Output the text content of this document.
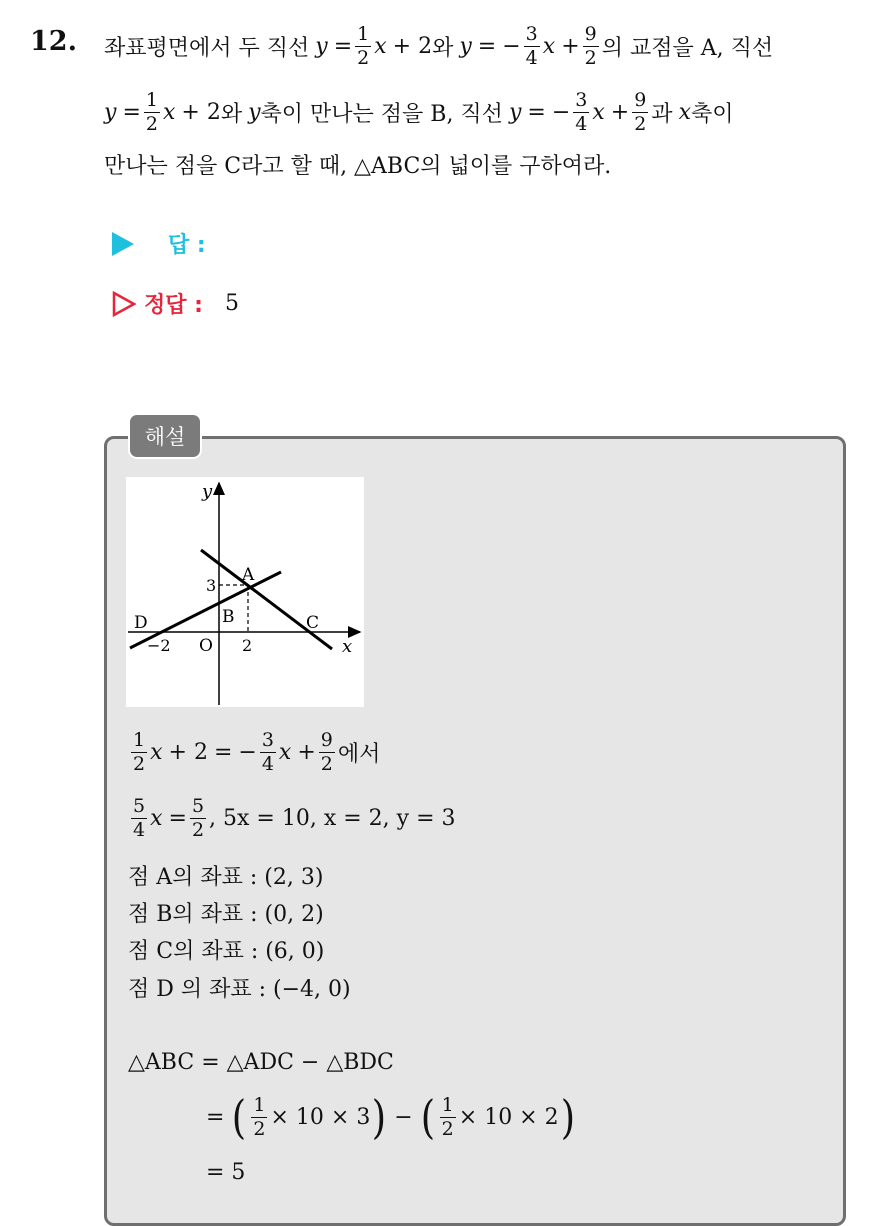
12. 좌표평면에서 두 직선 $y = \frac{1}{2}$ x + 2 와 y = − $\frac{3}{4}$ $x + \frac{9}{2}$ 의 교점을 A, 직선
$y = \frac{1}{2}$ x + 2 와 y 축이 만나는 점을 B, 직선 y = − $\frac{3}{4}$ $x + \frac{9}{2}$ 과 x 축이
만나는 점을 C라고 할 때, △ABC의 넓이를 구하여라.
답 :
정답 : 5
해설
y
x
A
B	C
D
O
3
2
−2
$\frac{1}{2}$ x + 2 = − $\frac{3}{4}$ $x + \frac{9}{2}$ 에서
$\frac{5}{4}$ $x = \frac{5}{2}$ , 5x = 10, x = 2, y = 3
점 A의 좌표 : (2, 3)
점 B의 좌표 : (0, 2)
점 C의 좌표 : (6, 0)
점 D 의 좌표 : (−4, 0)
△ABC = △ADC − △BDC
= ( $\frac{1}{2} \times 10 \times 3$ ) − ( $\frac{1}{2} \times 10 \times 2$ )
= 5
